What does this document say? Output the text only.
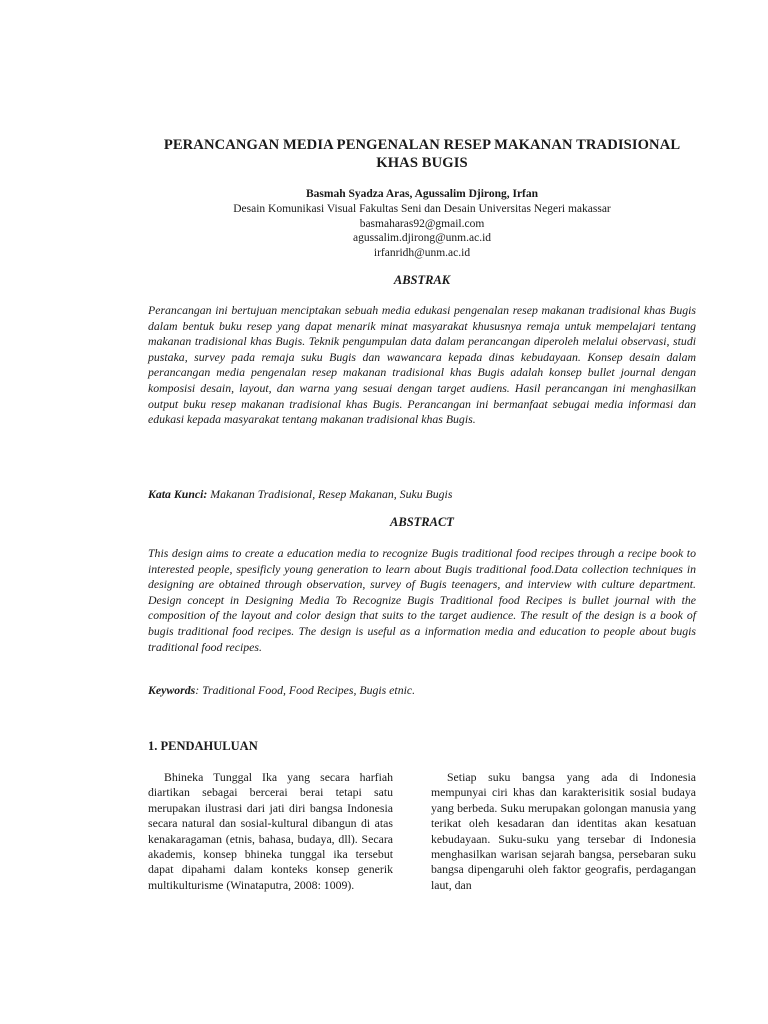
PERANCANGAN MEDIA PENGENALAN RESEP MAKANAN TRADISIONAL KHAS BUGIS

Basmah Syadza Aras, Agussalim Djirong, Irfan

Desain Komunikasi Visual Fakultas Seni dan Desain Universitas Negeri makassar
basmaharas92@gmail.com
agussalim.djirong@unm.ac.id
irfanridh@unm.ac.id
ABSTRAK

Perancangan ini bertujuan menciptakan sebuah media edukasi pengenalan resep makanan tradisional khas Bugis dalam bentuk buku resep yang dapat menarik minat masyarakat khususnya remaja untuk mempelajari tentang makanan tradisional khas Bugis. Teknik pengumpulan data dalam perancangan diperoleh melalui observasi, studi pustaka, survey pada remaja suku Bugis dan wawancara kepada dinas kebudayaan. Konsep desain dalam perancangan media pengenalan resep makanan tradisional khas Bugis adalah konsep bullet journal dengan komposisi desain, layout, dan warna yang sesuai dengan target audiens. Hasil perancangan ini menghasilkan output buku resep makanan tradisional khas Bugis. Perancangan ini bermanfaat sebugai media informasi dan edukasi kepada masyarakat tentang makanan tradisional khas Bugis.

Kata Kunci: Makanan Tradisional, Resep Makanan, Suku Bugis

ABSTRACT

This design aims to create a education media to recognize Bugis traditional food recipes through a recipe book to interested people, spesificly young generation to learn about Bugis traditional food.Data collection techniques in designing are obtained through observation, survey of Bugis teenagers, and interview with culture department. Design concept in Designing Media To Recognize Bugis Traditional food Recipes is bullet journal with the composition of the layout and color design that suits to the target audience. The result of the design is a book of bugis traditional food recipes. The design is useful as a information media and education to people about bugis traditional food recipes.

Keywords: Traditional Food, Food Recipes, Bugis etnic.

1. PENDAHULUAN

Bhineka Tunggal Ika yang secara harfiah diartikan sebagai bercerai berai tetapi satu merupakan ilustrasi dari jati diri bangsa Indonesia secara natural dan sosial-kultural dibangun di atas kenakaragaman (etnis, bahasa, budaya, dll). Secara akademis, konsep bhineka tunggal ika tersebut dapat dipahami dalam konteks konsep generik multikulturisme (Winataputra, 2008: 1009).

Setiap suku bangsa yang ada di Indonesia mempunyai ciri khas dan karakterisitik sosial budaya yang berbeda. Suku merupakan golongan manusia yang terikat oleh kesadaran dan identitas akan kesatuan kebudayaan. Suku-suku yang tersebar di Indonesia menghasilkan warisan sejarah bangsa, persebaran suku bangsa dipengaruhi oleh faktor geografis, perdagangan laut, dan
